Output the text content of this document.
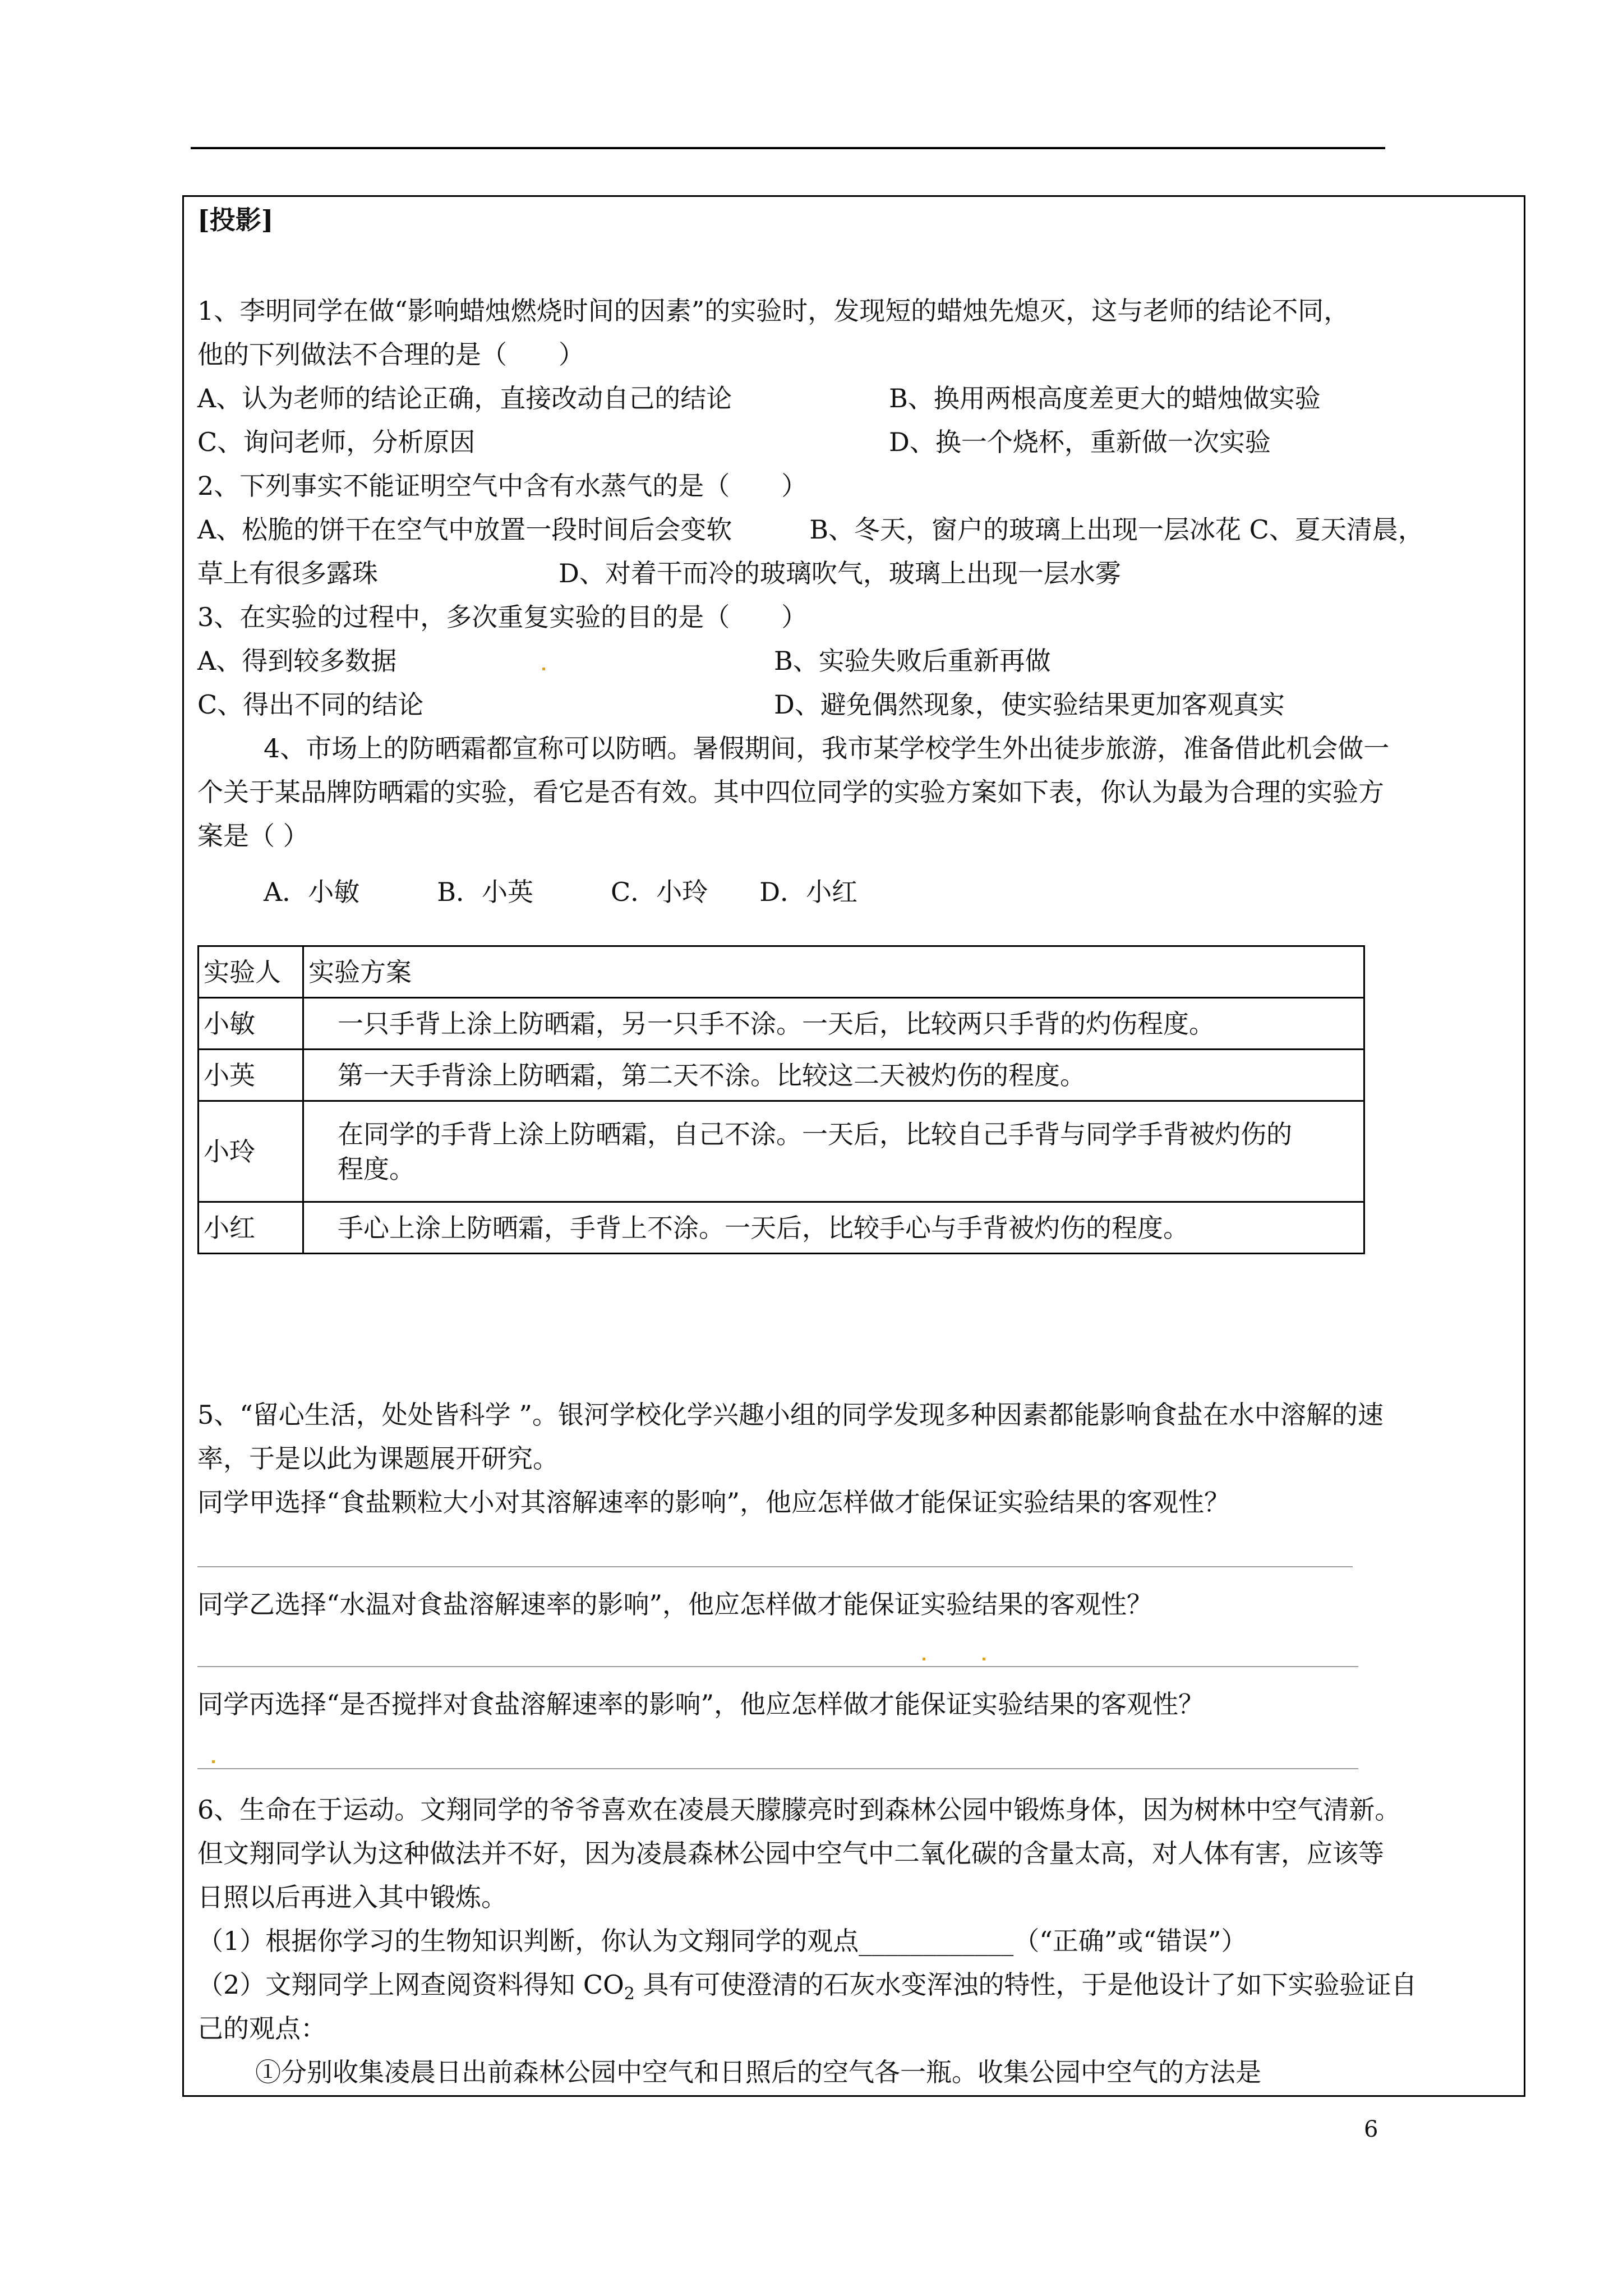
[投影]
1、李明同学在做“影响蜡烛燃烧时间的因素”的实验时，发现短的蜡烛先熄灭，这与老师的结论不同，
他的下列做法不合理的是（　　）
A、认为老师的结论正确，直接改动自己的结论	B、换用两根高度差更大的蜡烛做实验
C、询问老师，分析原因	D、换一个烧杯，重新做一次实验
2、下列事实不能证明空气中含有水蒸气的是（　　）
A、松脆的饼干在空气中放置一段时间后会变软　　　B、冬天，窗户的玻璃上出现一层冰花 C、夏天清晨，
草上有很多露珠　　　　　　　D、对着干而冷的玻璃吹气，玻璃上出现一层水雾
3、在实验的过程中，多次重复实验的目的是（　　）
A、得到较多数据	B、实验失败后重新再做
C、得出不同的结论	D、避免偶然现象，使实验结果更加客观真实
4、市场上的防晒霜都宣称可以防晒。暑假期间，我市某学校学生外出徒步旅游，准备借此机会做一
个关于某品牌防晒霜的实验，看它是否有效。其中四位同学的实验方案如下表，你认为最为合理的实验方
案是（ ）
A．小敏　　　B．小英　　　C．小玲　　D．小红
实验人	实验方案
小敏	一只手背上涂上防晒霜，另一只手不涂。一天后，比较两只手背的灼伤程度。
小英	第一天手背涂上防晒霜，第二天不涂。比较这二天被灼伤的程度。
小玲	在同学的手背上涂上防晒霜，自己不涂。一天后，比较自己手背与同学手背被灼伤的程度。
小红	手心上涂上防晒霜，手背上不涂。一天后，比较手心与手背被灼伤的程度。
5、“留心生活，处处皆科学 ”。银河学校化学兴趣小组的同学发现多种因素都能影响食盐在水中溶解的速
率，于是以此为课题展开研究。
同学甲选择“食盐颗粒大小对其溶解速率的影响”，他应怎样做才能保证实验结果的客观性？
同学乙选择“水温对食盐溶解速率的影响”，他应怎样做才能保证实验结果的客观性？
同学丙选择“是否搅拌对食盐溶解速率的影响”，他应怎样做才能保证实验结果的客观性？
6、生命在于运动。文翔同学的爷爷喜欢在凌晨天朦朦亮时到森林公园中锻炼身体，因为树林中空气清新。
但文翔同学认为这种做法并不好，因为凌晨森林公园中空气中二氧化碳的含量太高，对人体有害，应该等
日照以后再进入其中锻炼。
（1）根据你学习的生物知识判断，你认为文翔同学的观点____________（“正确”或“错误”）
（2）文翔同学上网查阅资料得知 $CO_2$ 具有可使澄清的石灰水变浑浊的特性，于是他设计了如下实验验证自
己的观点：
①分别收集凌晨日出前森林公园中空气和日照后的空气各一瓶。收集公园中空气的方法是
6
